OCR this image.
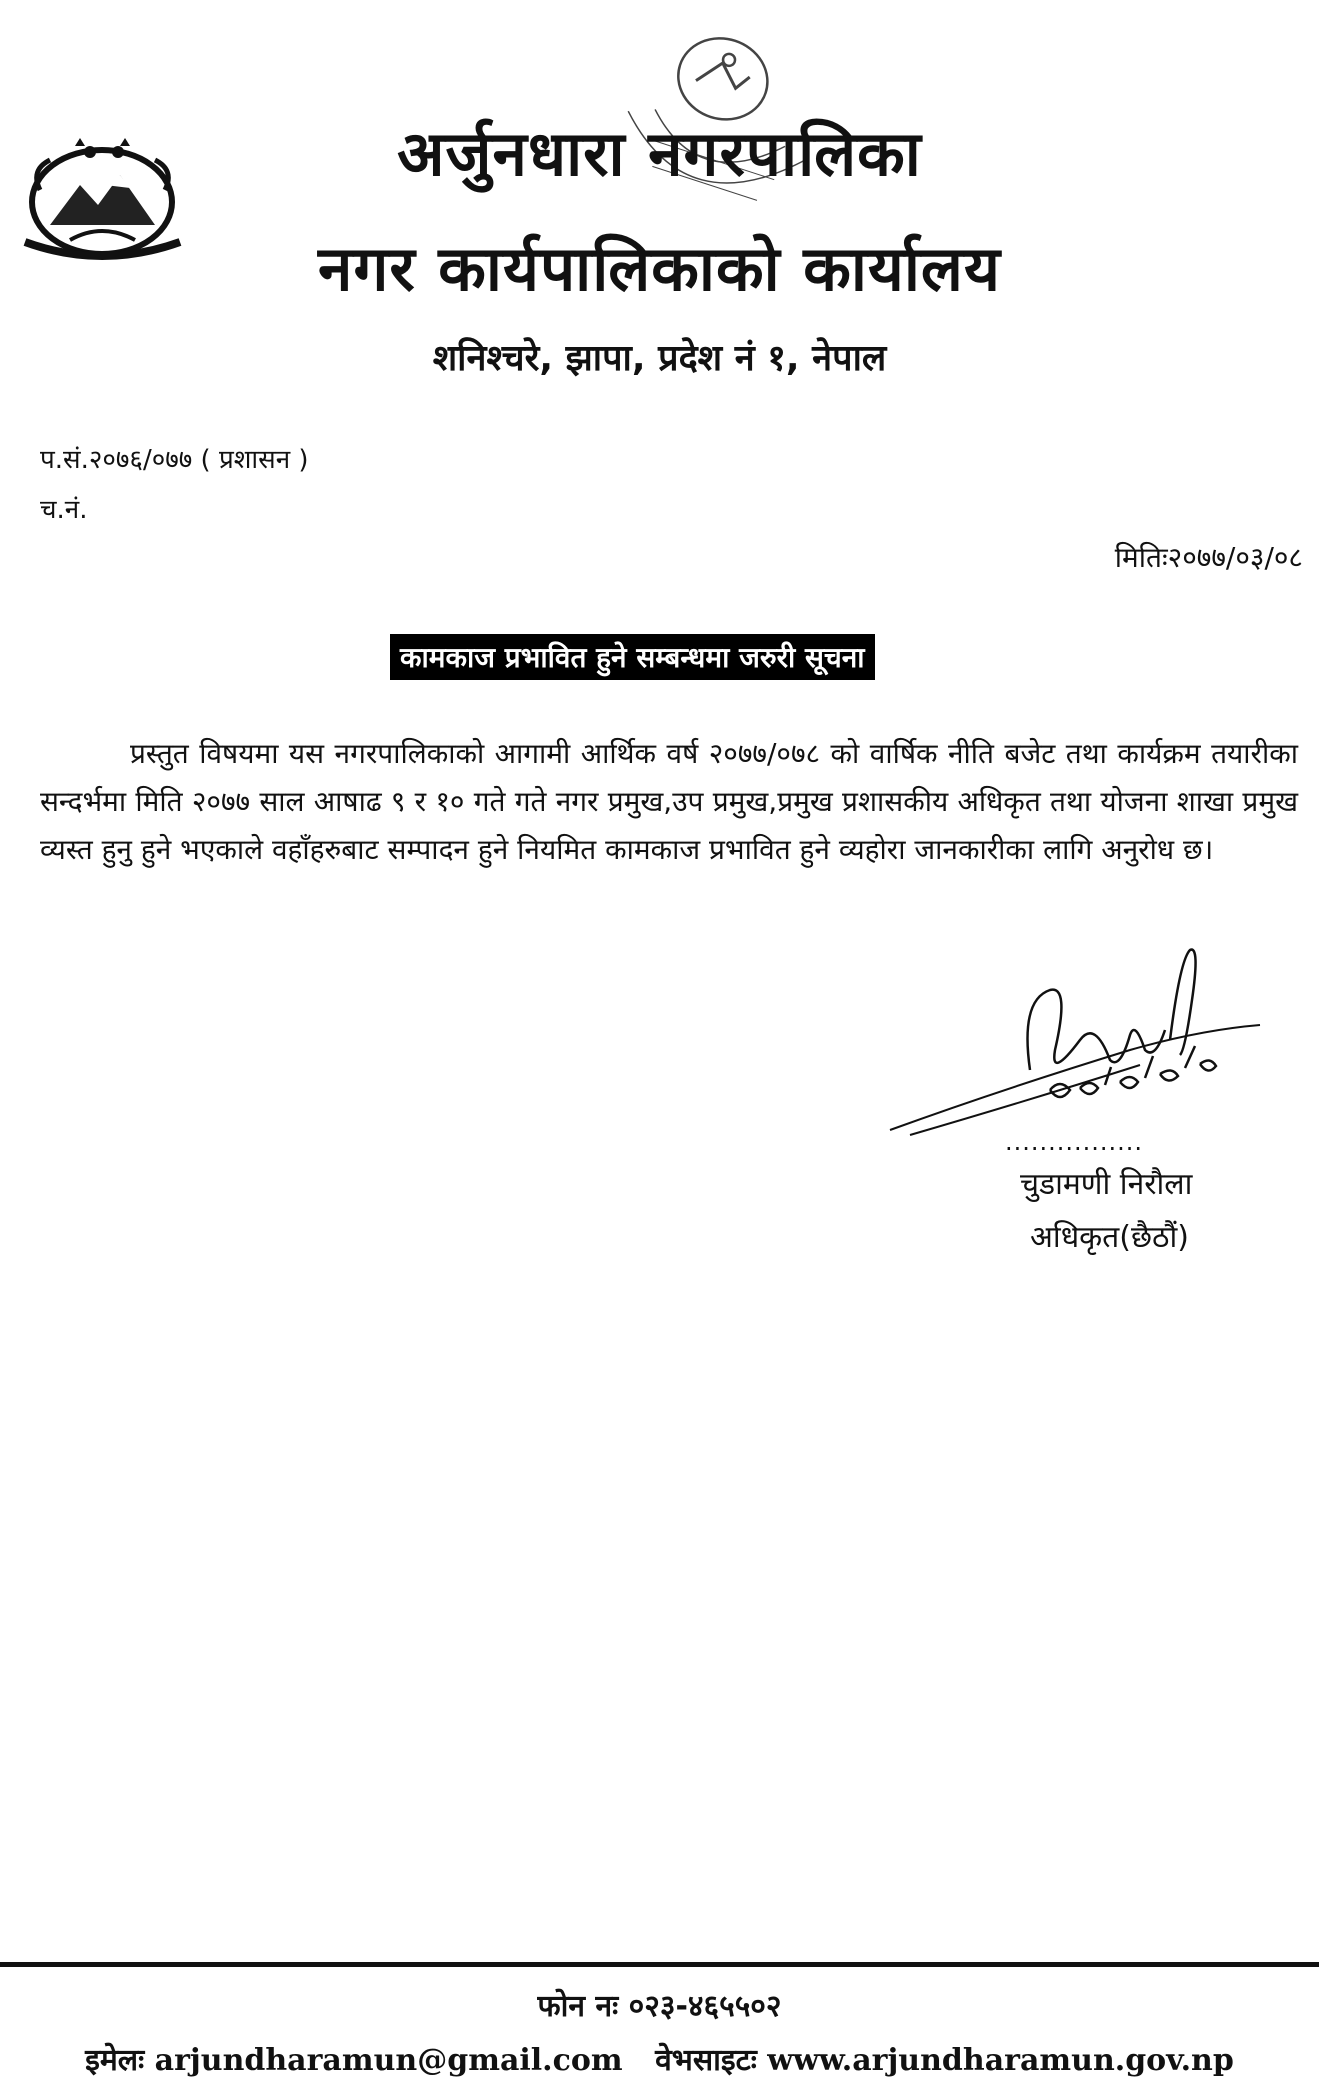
अर्जुनधारा नगरपालिका
नगर कार्यपालिकाको कार्यालय
शनिश्चरे, झापा, प्रदेश नं १, नेपाल
प.सं.२०७६/०७७ ( प्रशासन )
च.नं.
मितिः२०७७/०३/०८
कामकाज प्रभावित हुने सम्बन्धमा जरुरी सूचना
प्रस्तुत विषयमा यस नगरपालिकाको आगामी आर्थिक वर्ष २०७७/०७८ को वार्षिक नीति बजेट तथा कार्यक्रम तयारीका सन्दर्भमा मिति २०७७ साल आषाढ ९ र १० गते गते नगर प्रमुख,उप प्रमुख,प्रमुख प्रशासकीय अधिकृत तथा योजना शाखा प्रमुख व्यस्त हुनु हुने भएकाले वहाँहरुबाट सम्पादन हुने नियमित कामकाज प्रभावित हुने व्यहोरा जानकारीका लागि अनुरोध छ।
................
चुडामणी निरौला
अधिकृत(छैठौं)
फोन नः ०२३-४६५५०२
इमेलः arjundharamun@gmail.com वेभसाइटः www.arjundharamun.gov.np
